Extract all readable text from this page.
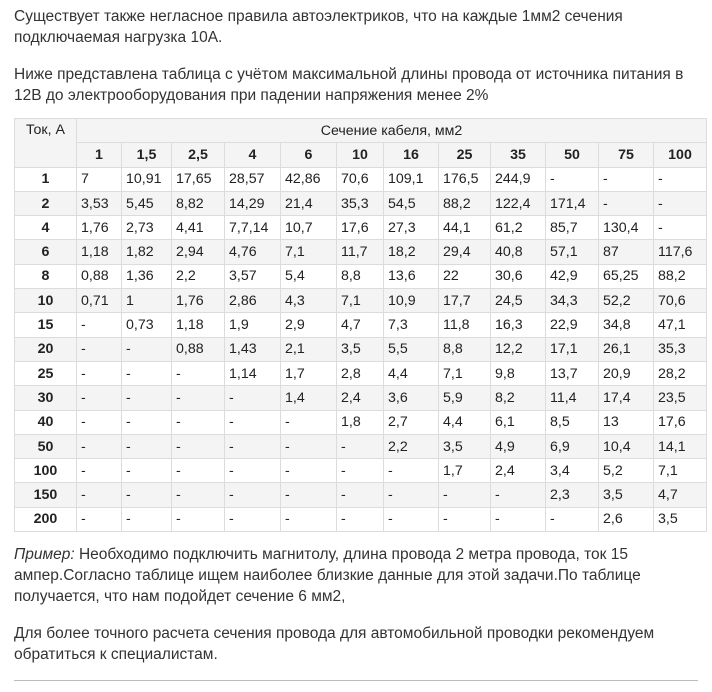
Существует также негласное правила автоэлектриков, что на каждые 1мм2 сечения подключаемая нагрузка 10А.

Ниже представлена таблица с учётом максимальной длины провода от источника питания в 12В до электрооборудования при падении напряжения менее 2%

Ток, А	Сечение кабеля, мм2											
	1	1,5	2,5	4	6	10	16	25	35	50	75	100
1	7	10,91	17,65	28,57	42,86	70,6	109,1	176,5	244,9	-	-	-
2	3,53	5,45	8,82	14,29	21,4	35,3	54,5	88,2	122,4	171,4	-	-
4	1,76	2,73	4,41	7,7,14	10,7	17,6	27,3	44,1	61,2	85,7	130,4	-
6	1,18	1,82	2,94	4,76	7,1	11,7	18,2	29,4	40,8	57,1	87	117,6
8	0,88	1,36	2,2	3,57	5,4	8,8	13,6	22	30,6	42,9	65,25	88,2
10	0,71	1	1,76	2,86	4,3	7,1	10,9	17,7	24,5	34,3	52,2	70,6
15	-	0,73	1,18	1,9	2,9	4,7	7,3	11,8	16,3	22,9	34,8	47,1
20	-	-	0,88	1,43	2,1	3,5	5,5	8,8	12,2	17,1	26,1	35,3
25	-	-	-	1,14	1,7	2,8	4,4	7,1	9,8	13,7	20,9	28,2
30	-	-	-	-	1,4	2,4	3,6	5,9	8,2	11,4	17,4	23,5
40	-	-	-	-	-	1,8	2,7	4,4	6,1	8,5	13	17,6
50	-	-	-	-	-	-	2,2	3,5	4,9	6,9	10,4	14,1
100	-	-	-	-	-	-	-	1,7	2,4	3,4	5,2	7,1
150	-	-	-	-	-	-	-	-	-	2,3	3,5	4,7
200	-	-	-	-	-	-	-	-	-	-	2,6	3,5

Пример: Необходимо подключить магнитолу, длина провода 2 метра провода, ток 15 ампер.Согласно таблице ищем наиболее близкие данные для этой задачи.По таблице получается, что нам подойдет сечение 6 мм2,

Для более точного расчета сечения провода для автомобильной проводки рекомендуем обратиться к специалистам.
